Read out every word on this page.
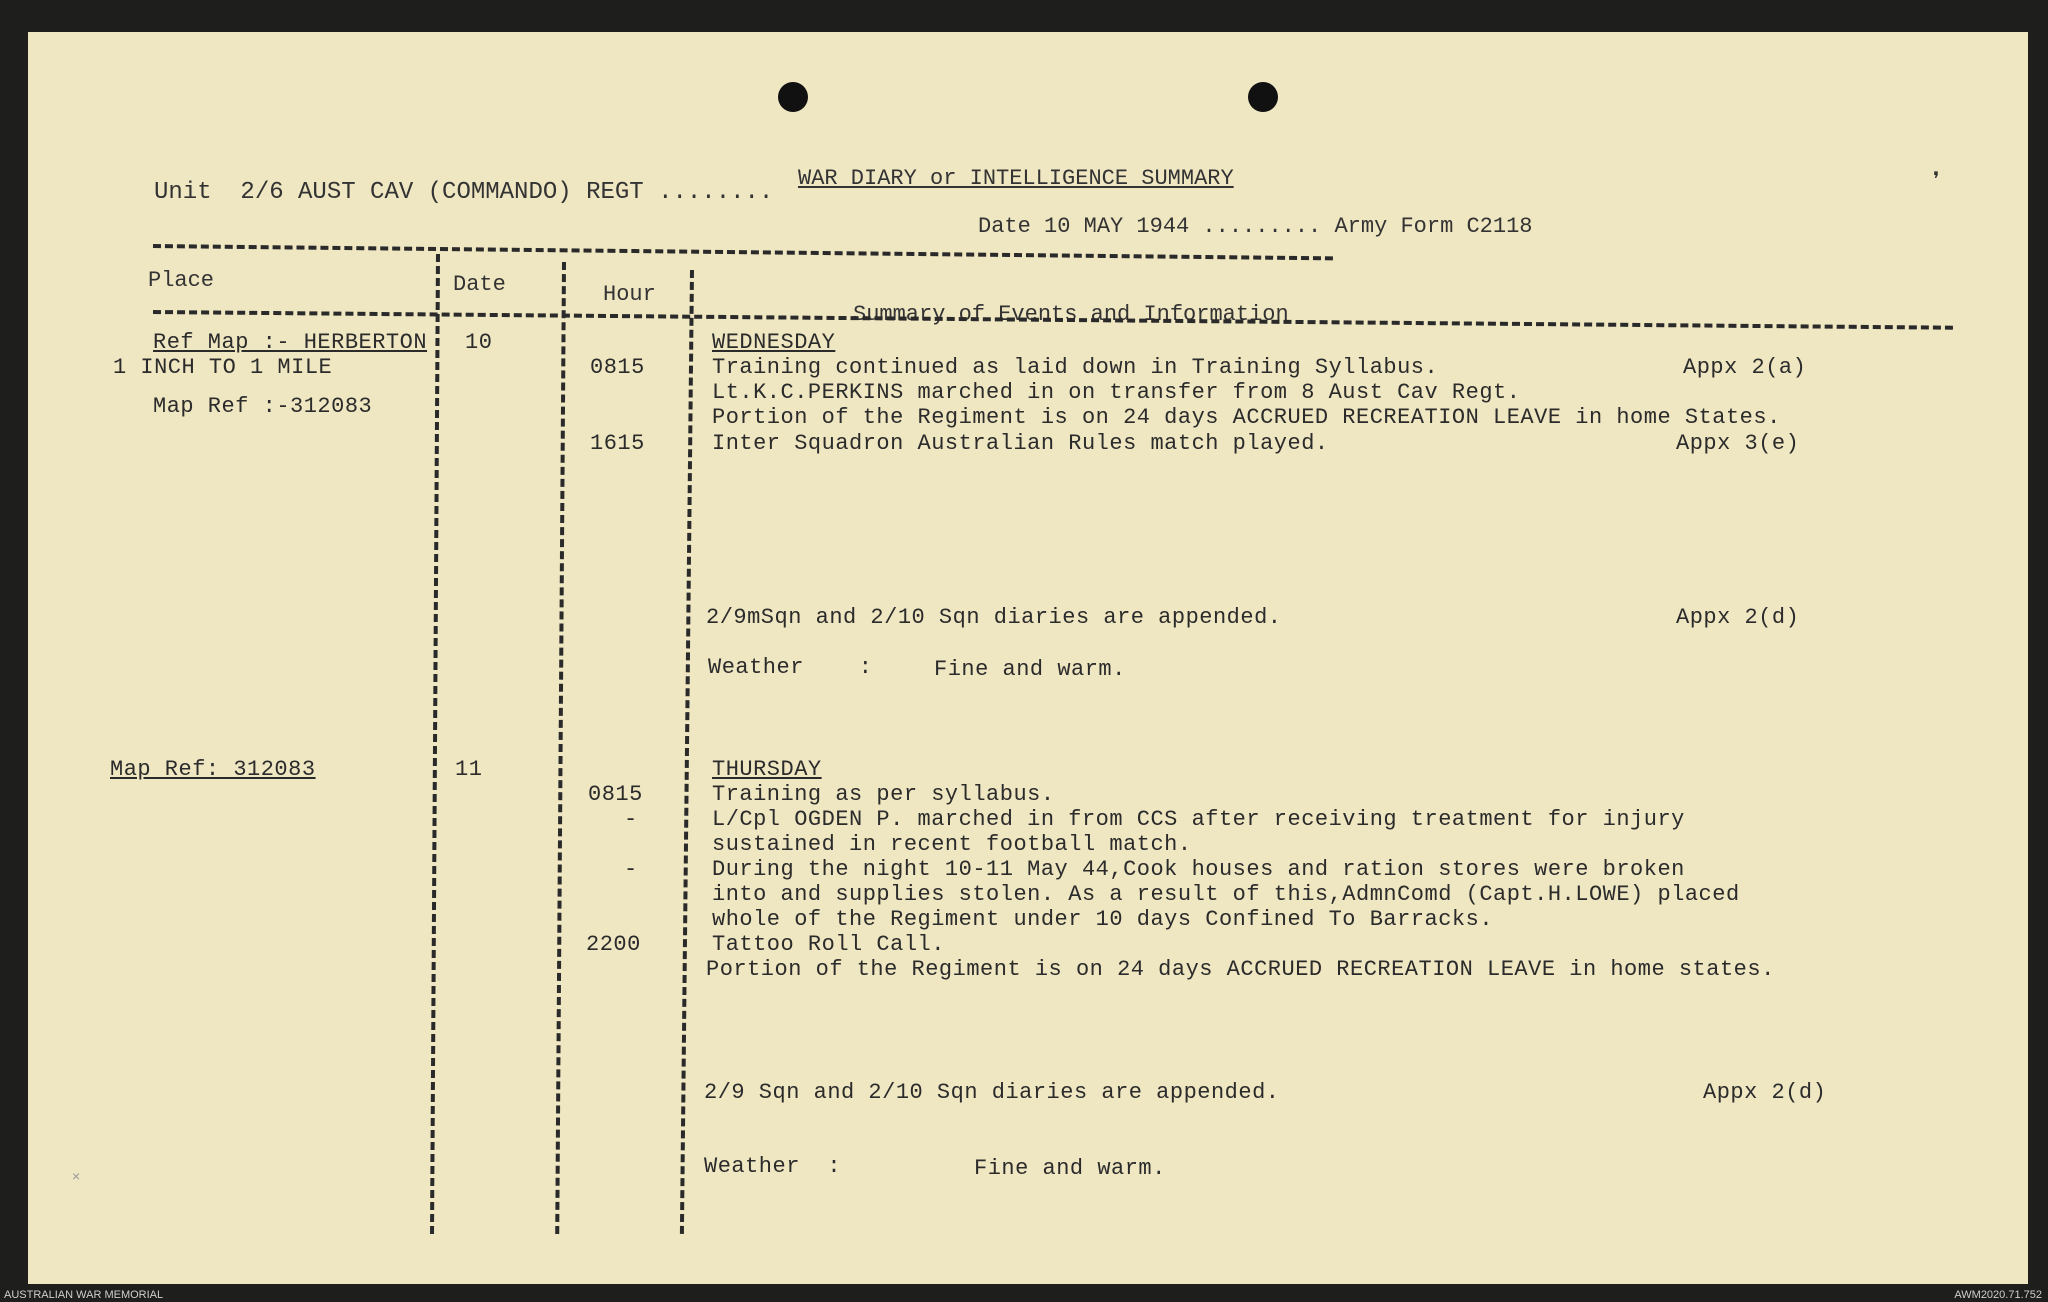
WAR DIARY or INTELLIGENCE SUMMARY
Unit  2/6 AUST CAV (COMMANDO) REGT ........
Date 10 MAY 1944 ......... Army Form C2118
❜
Place	Date	Hour
Summary of Events and Information
Ref Map :- HERBERTON
1 INCH TO 1 MILE
Map Ref :-312083
10	WEDNESDAY
0815	Training continued as laid down in Training Syllabus.	Appx 2(a)
Lt.K.C.PERKINS marched in on transfer from 8 Aust Cav Regt.
Portion of the Regiment is on 24 days ACCRUED RECREATION LEAVE in home States.
1615	Inter Squadron Australian Rules match played.	Appx 3(e)
2/9mSqn and 2/10 Sqn diaries are appended.	Appx 2(d)
Weather    :	Fine and warm.
Map Ref: 312083	11	THURSDAY
0815	Training as per syllabus.
-	L/Cpl OGDEN P. marched in from CCS after receiving treatment for injury
sustained in recent football match.
-	During the night 10-11 May 44,Cook houses and ration stores were broken
into and supplies stolen. As a result of this,AdmnComd (Capt.H.LOWE) placed
whole of the Regiment under 10 days Confined To Barracks.
2200	Tattoo Roll Call.
Portion of the Regiment is on 24 days ACCRUED RECREATION LEAVE in home states.
2/9 Sqn and 2/10 Sqn diaries are appended.	Appx 2(d)
Weather  :	Fine and warm.
×
AUSTRALIAN WAR MEMORIAL	AWM2020.71.752
